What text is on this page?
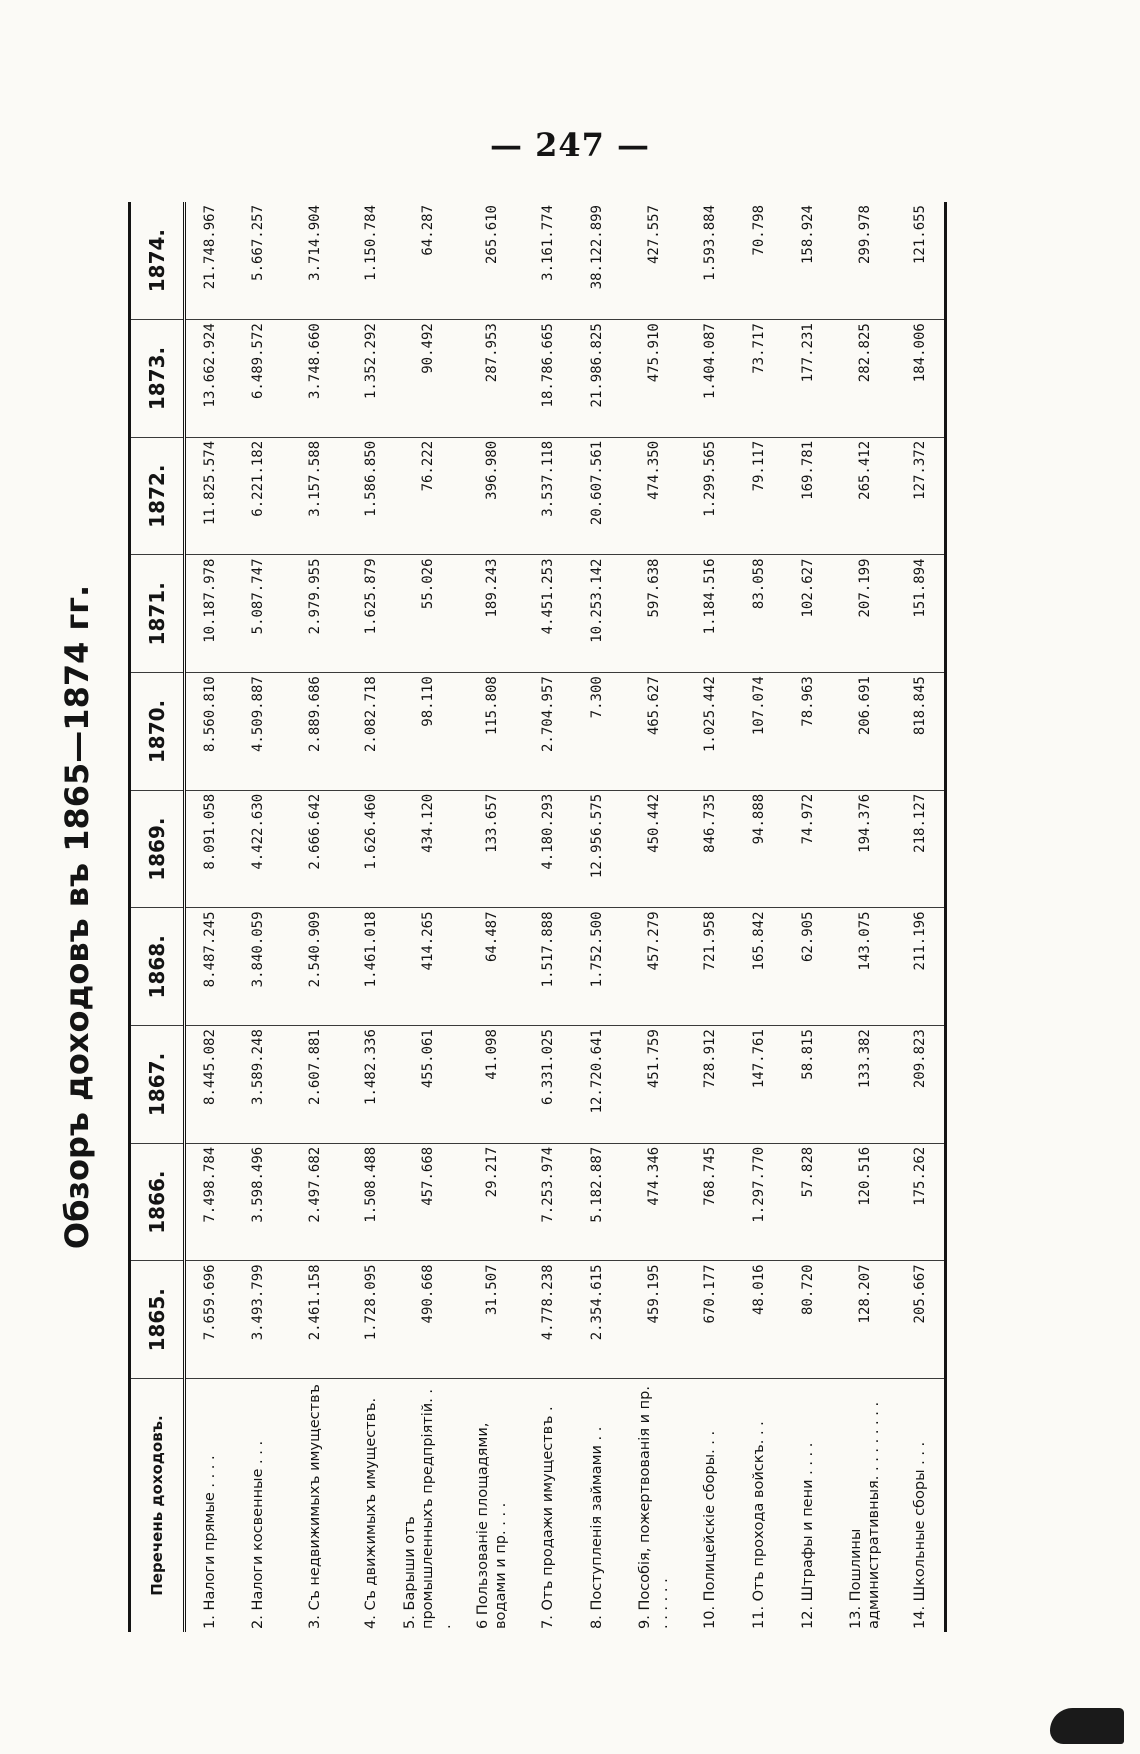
— 247 —
Обзоръ доходовъ въ 1865—1874 гг.
Перечень доходовъ.	1865.	1866.	1867.	1868.	1869.	1870.	1871.	1872.	1873.	1874.
1. Налоги прямые . . . .	7.659.696	7.498.784	8.445.082	8.487.245	8.091.058	8.560.810	10.187.978	11.825.574	13.662.924	21.748.967
2. Налоги косвенные . . .	3.493.799	3.598.496	3.589.248	3.840.059	4.422.630	4.509.887	5.087.747	6.221.182	6.489.572	5.667.257
3. Съ недвижимыхъ имуществъ	2.461.158	2.497.682	2.607.881	2.540.909	2.666.642	2.889.686	2.979.955	3.157.588	3.748.660	3.714.904
4. Съ движимыхъ имуществъ.	1.728.095	1.508.488	1.482.336	1.461.018	1.626.460	2.082.718	1.625.879	1.586.850	1.352.292	1.150.784
5. Барыши отъ промышленныхъ предпріятій. . .	490.668	457.668	455.061	414.265	434.120	98.110	55.026	76.222	90.492	64.287
6 Пользованіе площадями, водами и пр. . . .	31.507	29.217	41.098	64.487	133.657	115.808	189.243	396.980	287.953	265.610
7. Отъ продажи имуществъ .	4.778.238	7.253.974	6.331.025	1.517.888	4.180.293	2.704.957	4.451.253	3.537.118	18.786.665	3.161.774
8. Поступленія займами . .	2.354.615	5.182.887	12.720.641	1.752.500	12.956.575	7.300	10.253.142	20.607.561	21.986.825	38.122.899
9. Пособія, пожертвованія и пр. . . . . . .	459.195	474.346	451.759	457.279	450.442	465.627	597.638	474.350	475.910	427.557
10. Полицейскіе сборы. . .	670.177	768.745	728.912	721.958	846.735	1.025.442	1.184.516	1.299.565	1.404.087	1.593.884
11. Отъ прохода войскъ. . .	48.016	1.297.770	147.761	165.842	94.888	107.074	83.058	79.117	73.717	70.798
12. Штрафы и пени . . . .	80.720	57.828	58.815	62.905	74.972	78.963	102.627	169.781	177.231	158.924
13. Пошлины административныя. . . . . . . . .	128.207	120.516	133.382	143.075	194.376	206.691	207.199	265.412	282.825	299.978
14. Школьные сборы . . .	205.667	175.262	209.823	211.196	218.127	818.845	151.894	127.372	184.006	121.655
